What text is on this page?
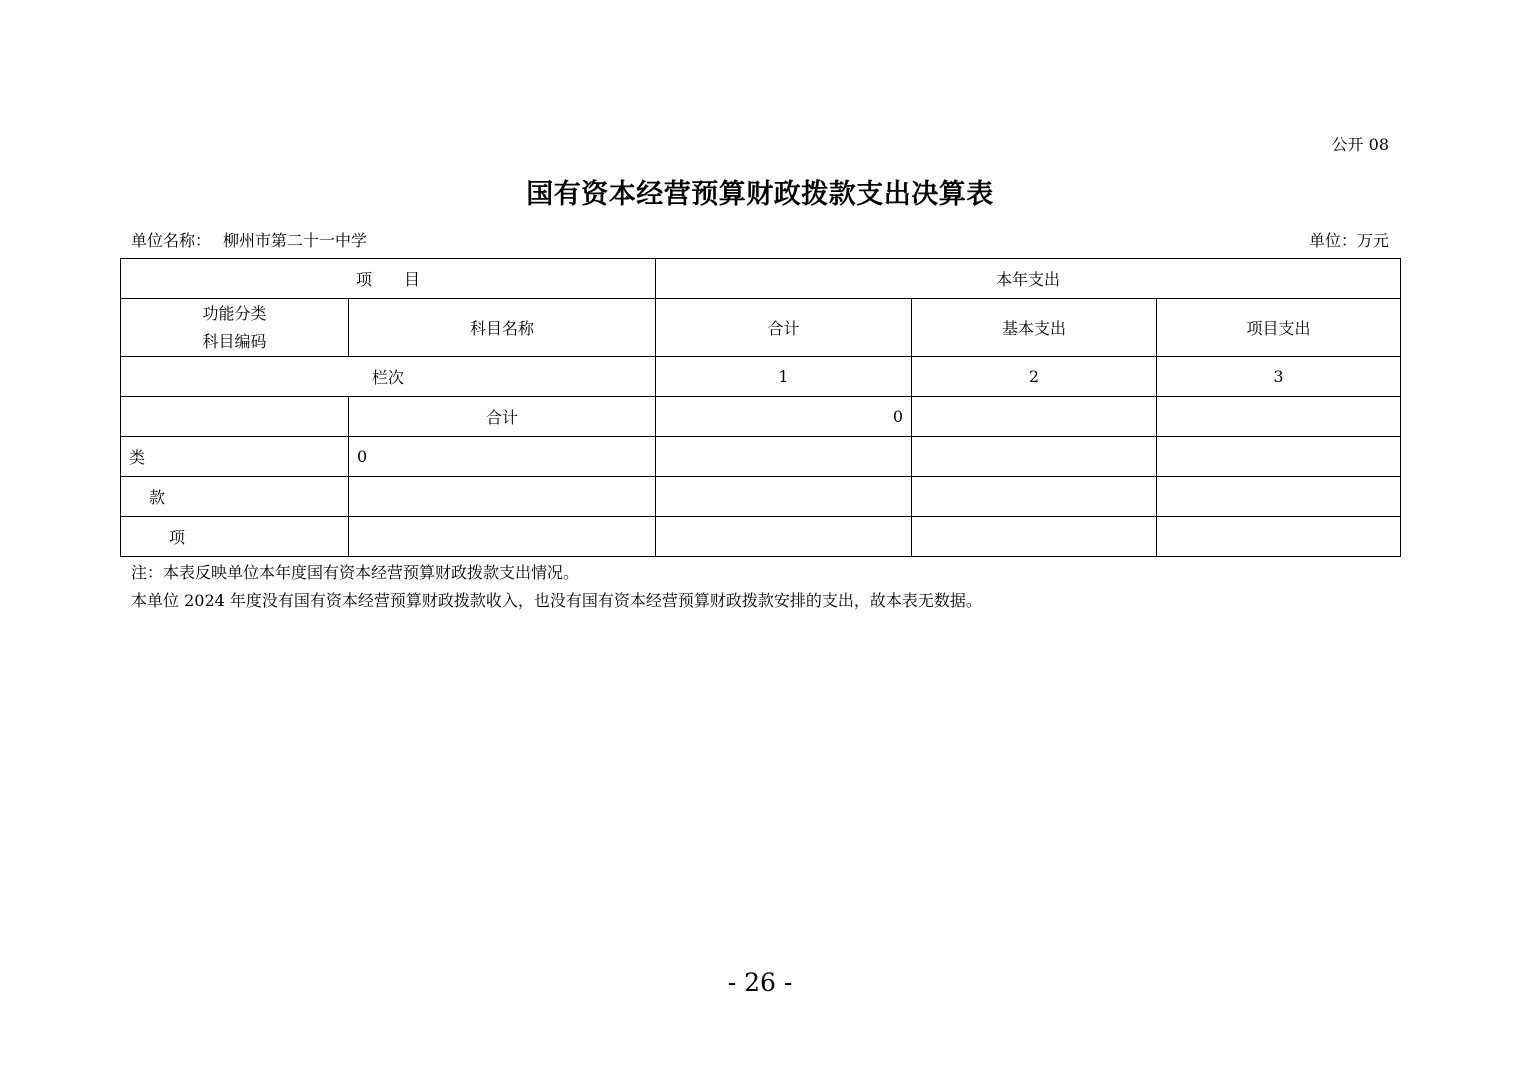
公开 08
国有资本经营预算财政拨款支出决算表
单位名称： 柳州市第二十一中学	单位：万元
项　　目		本年支出		

功能分类
科目编码	科目名称	合计	基本支出	项目支出
栏次		1	2	3
	合计	0		
类	0			
款				
项				
注：本表反映单位本年度国有资本经营预算财政拨款支出情况。
本单位 2024 年度没有国有资本经营预算财政拨款收入，也没有国有资本经营预算财政拨款安排的支出，故本表无数据。
- 26 -
